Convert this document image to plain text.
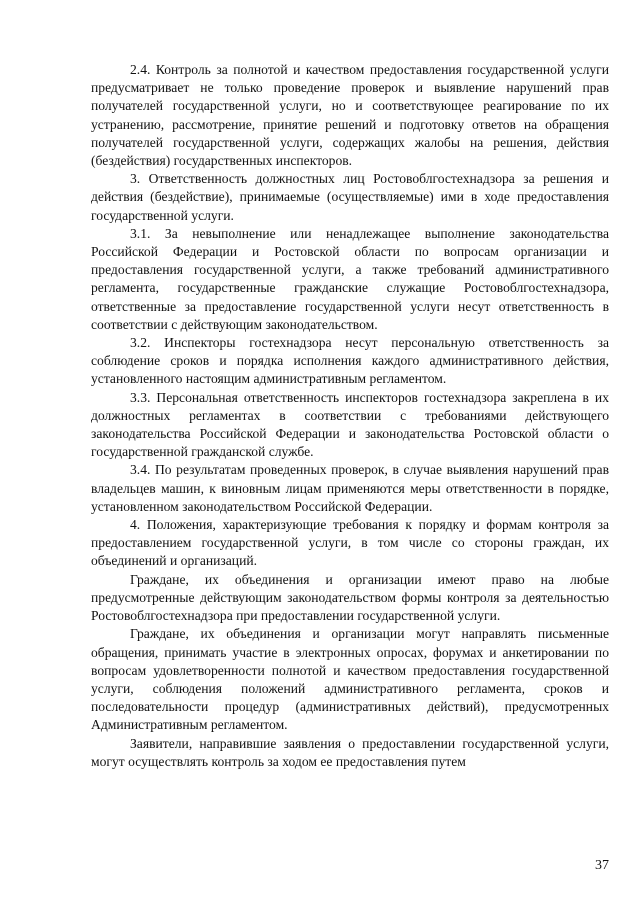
2.4. Контроль за полнотой и качеством предоставления государственной услуги предусматривает не только проведение проверок и выявление нарушений прав получателей государственной услуги, но и соответствующее реагирование по их устранению, рассмотрение, принятие решений и подготовку ответов на обращения получателей государственной услуги, содержащих жалобы на решения, действия (бездействия) государственных инспекторов.

3. Ответственность должностных лиц Ростовоблгостехнадзора за решения и действия (бездействие), принимаемые (осуществляемые) ими в ходе предоставления государственной услуги.

3.1. За невыполнение или ненадлежащее выполнение законодательства Российской Федерации и Ростовской области по вопросам организации и предоставления государственной услуги, а также требований административного регламента, государственные гражданские служащие Ростовоблгостехнадзора, ответственные за предоставление государственной услуги несут ответственность в соответствии с действующим законодательством.

3.2. Инспекторы гостехнадзора несут персональную ответственность за соблюдение сроков и порядка исполнения каждого административного действия, установленного настоящим административным регламентом.

3.3. Персональная ответственность инспекторов гостехнадзора закреплена в их должностных регламентах в соответствии с требованиями действующего законодательства Российской Федерации и законодательства Ростовской области о государственной гражданской службе.

3.4. По результатам проведенных проверок, в случае выявления нарушений прав владельцев машин, к виновным лицам применяются меры ответственности в порядке, установленном законодательством Российской Федерации.

4. Положения, характеризующие требования к порядку и формам контроля за предоставлением государственной услуги, в том числе со стороны граждан, их объединений и организаций.

Граждане, их объединения и организации имеют право на любые предусмотренные действующим законодательством формы контроля за деятельностью Ростовоблгостехнадзора при предоставлении государственной услуги.

Граждане, их объединения и организации могут направлять письменные обращения, принимать участие в электронных опросах, форумах и анкетировании по вопросам удовлетворенности полнотой и качеством предоставления государственной услуги, соблюдения положений административного регламента, сроков и последовательности процедур (административных действий), предусмотренных Административным регламентом.

Заявители, направившие заявления о предоставлении государственной услуги, могут осуществлять контроль за ходом ее предоставления путем

37
